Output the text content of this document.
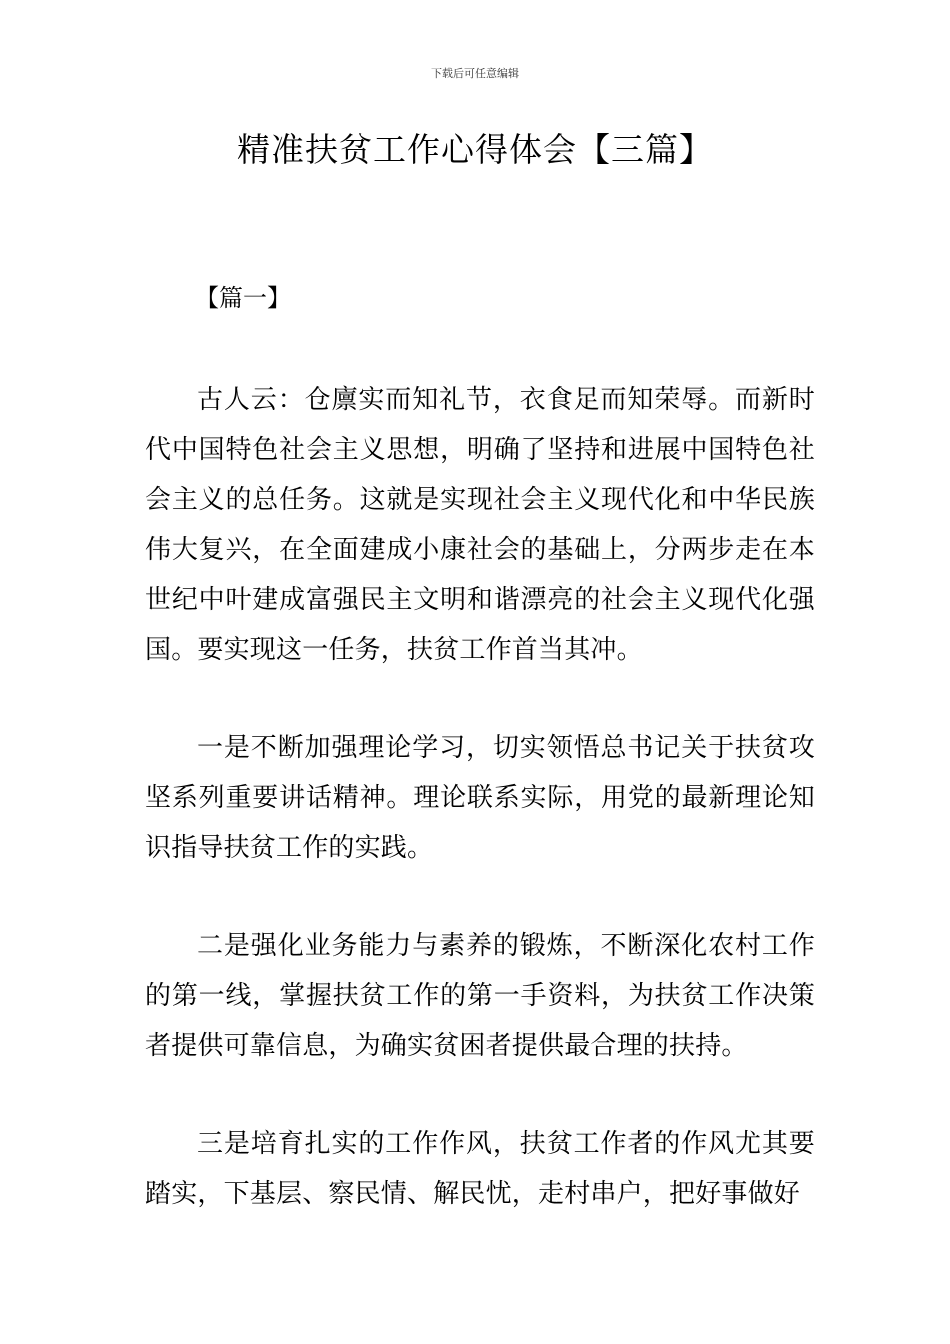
下载后可任意编辑
精准扶贫工作心得体会【三篇】

【篇一】

古人云：仓廪实而知礼节，衣食足而知荣辱。而新时代中国特色社会主义思想，明确了坚持和进展中国特色社会主义的总任务。这就是实现社会主义现代化和中华民族伟大复兴，在全面建成小康社会的基础上，分两步走在本世纪中叶建成富强民主文明和谐漂亮的社会主义现代化强国。要实现这一任务，扶贫工作首当其冲。

一是不断加强理论学习，切实领悟总书记关于扶贫攻坚系列重要讲话精神。理论联系实际，用党的最新理论知识指导扶贫工作的实践。

二是强化业务能力与素养的锻炼，不断深化农村工作的第一线，掌握扶贫工作的第一手资料，为扶贫工作决策者提供可靠信息，为确实贫困者提供最合理的扶持。

三是培育扎实的工作作风，扶贫工作者的作风尤其要踏实，下基层、察民情、解民忧，走村串户，把好事做好
